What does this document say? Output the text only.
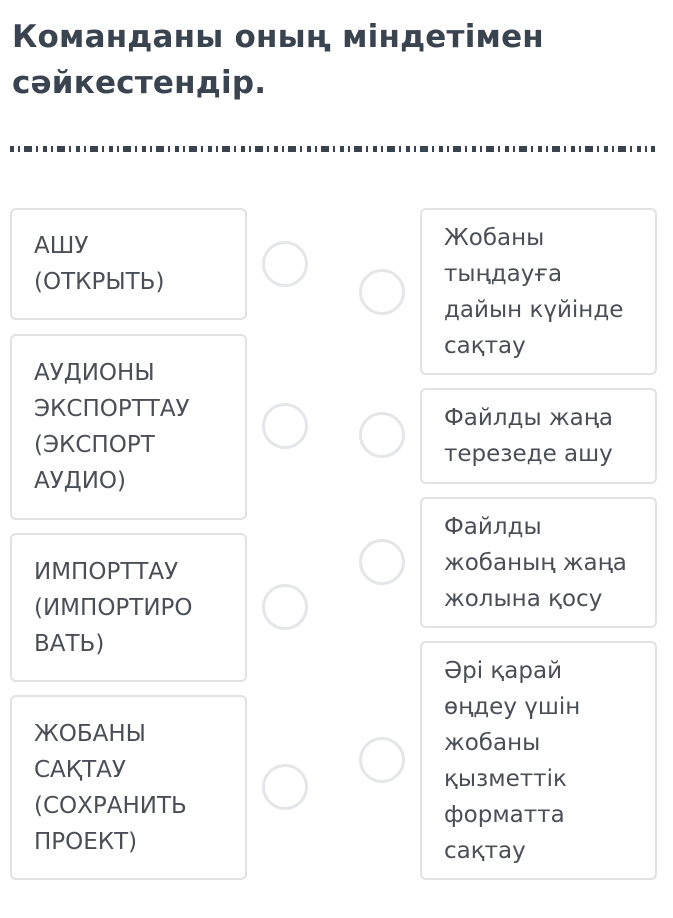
Команданы оның міндетімен сәйкестендір.
АШУ
(ОТКРЫТЬ)
АУДИОНЫ
ЭКСПОРТТАУ
(ЭКСПОРТ
АУДИО)
ИМПОРТТАУ
(ИМПОРТИРО
ВАТЬ)
ЖОБАНЫ
САҚТАУ
(СОХРАНИТЬ
ПРОЕКТ)
Жобаны
тыңдауға
дайын күйінде
сақтау
Файлды жаңа
терезеде ашу
Файлды
жобаның жаңа
жолына қосу
Әрі қарай
өңдеу үшін
жобаны
қызметтік
форматта
сақтау
